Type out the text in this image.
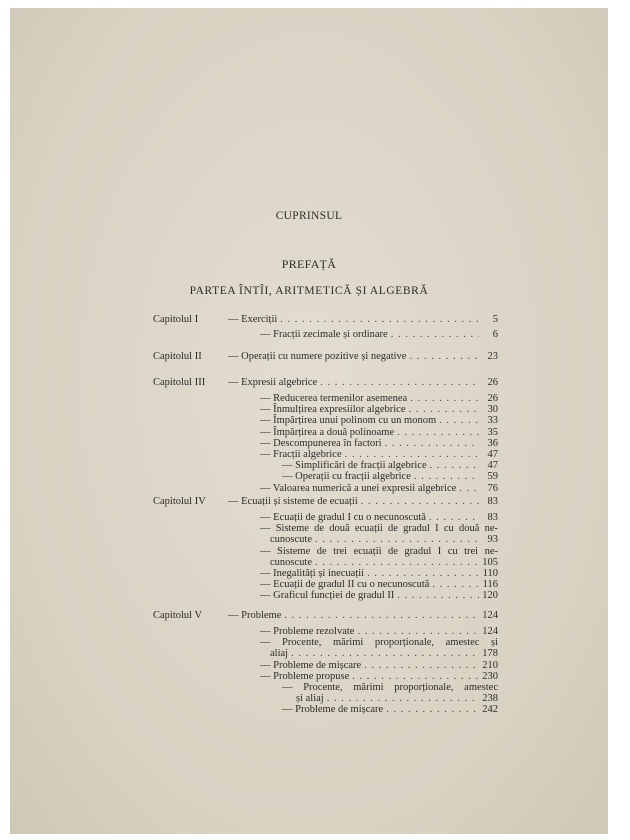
CUPRINSUL
PREFAȚĂ
PARTEA ÎNTÎI, ARITMETICĂ ȘI ALGEBRĂ
Capitolul I	— Exerciții . . .	5
— Fracții zecimale și ordinare . . .	6
Capitolul II	— Operații cu numere pozitive și negative . . .	23
Capitolul III — Expresii algebrice . . .	26
— Reducerea termenilor asemenea . . .	26
— Înmulțirea expresiilor algebrice . . .	30
— Împărțirea unui polinom cu un monom . . .	33
— Împărțirea a două polinoame . . .	35
— Descompunerea în factori . . .	36
— Fracții algebrice . . .	47
— Simplificări de fracții algebrice . . .	47
— Operații cu fracții algebrice . . .	59
— Valoarea numerică a unei expresii algebrice . . .	76
Capitolul IV — Ecuații și sisteme de ecuații . . .	83
— Ecuații de gradul I cu o necunoscută . . .	83
— Sisteme de două ecuații de gradul I cu două ne-
cunoscute . . .	93
— Sisteme de trei ecuații de gradul I cu trei ne-
cunoscute . . .	105
— Inegalități și inecuații . . .	110
— Ecuații de gradul II cu o necunoscută . . .	116
— Graficul funcției de gradul II . . .	120
Capitolul V — Probleme . . .	124
— Probleme rezolvate . . .	124
— Procente, mărimi proporționale, amestec și
aliaj . . .	178
— Probleme de mișcare . . .	210
— Probleme propuse . . .	230
— Procente, mărimi proporționale, amestec
și aliaj . . .	238
— Probleme de mișcare . . .	242
